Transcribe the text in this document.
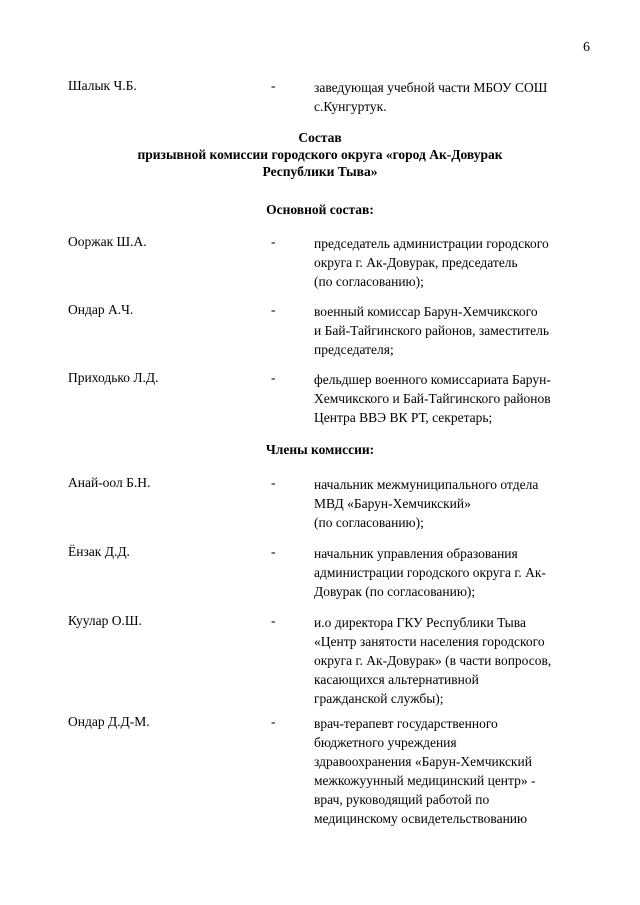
6
Шалык Ч.Б.	-	заведующая учебной части МБОУ СОШ
с.Кунгуртук.
Состав
призывной комиссии городского округа «город Ак-Довурак
Республики Тыва»
Основной состав:
Ооржак Ш.А.	-	председатель администрации городского
округа г. Ак-Довурак, председатель
(по согласованию);
Ондар А.Ч.	-	военный комиссар Барун-Хемчикского
и Бай-Тайгинского районов, заместитель
председателя;
Приходько Л.Д.	-	фельдшер военного комиссариата Барун-
Хемчикского и Бай-Тайгинского районов
Центра ВВЭ ВК РТ, секретарь;
Члены комиссии:
Анай-оол Б.Н.	-	начальник межмуниципального отдела
МВД «Барун-Хемчикский»
(по согласованию);
Ёнзак Д.Д.	-	начальник управления образования
администрации городского округа г. Ак-
Довурак (по согласованию);
Куулар О.Ш.	-	и.о директора ГКУ Республики Тыва
«Центр занятости населения городского
округа г. Ак-Довурак» (в части вопросов,
касающихся альтернативной
гражданской службы);
Ондар Д.Д-М.	-	врач-терапевт государственного
бюджетного учреждения
здравоохранения «Барун-Хемчикский
межкожуунный медицинский центр» -
врач, руководящий работой по
медицинскому освидетельствованию
